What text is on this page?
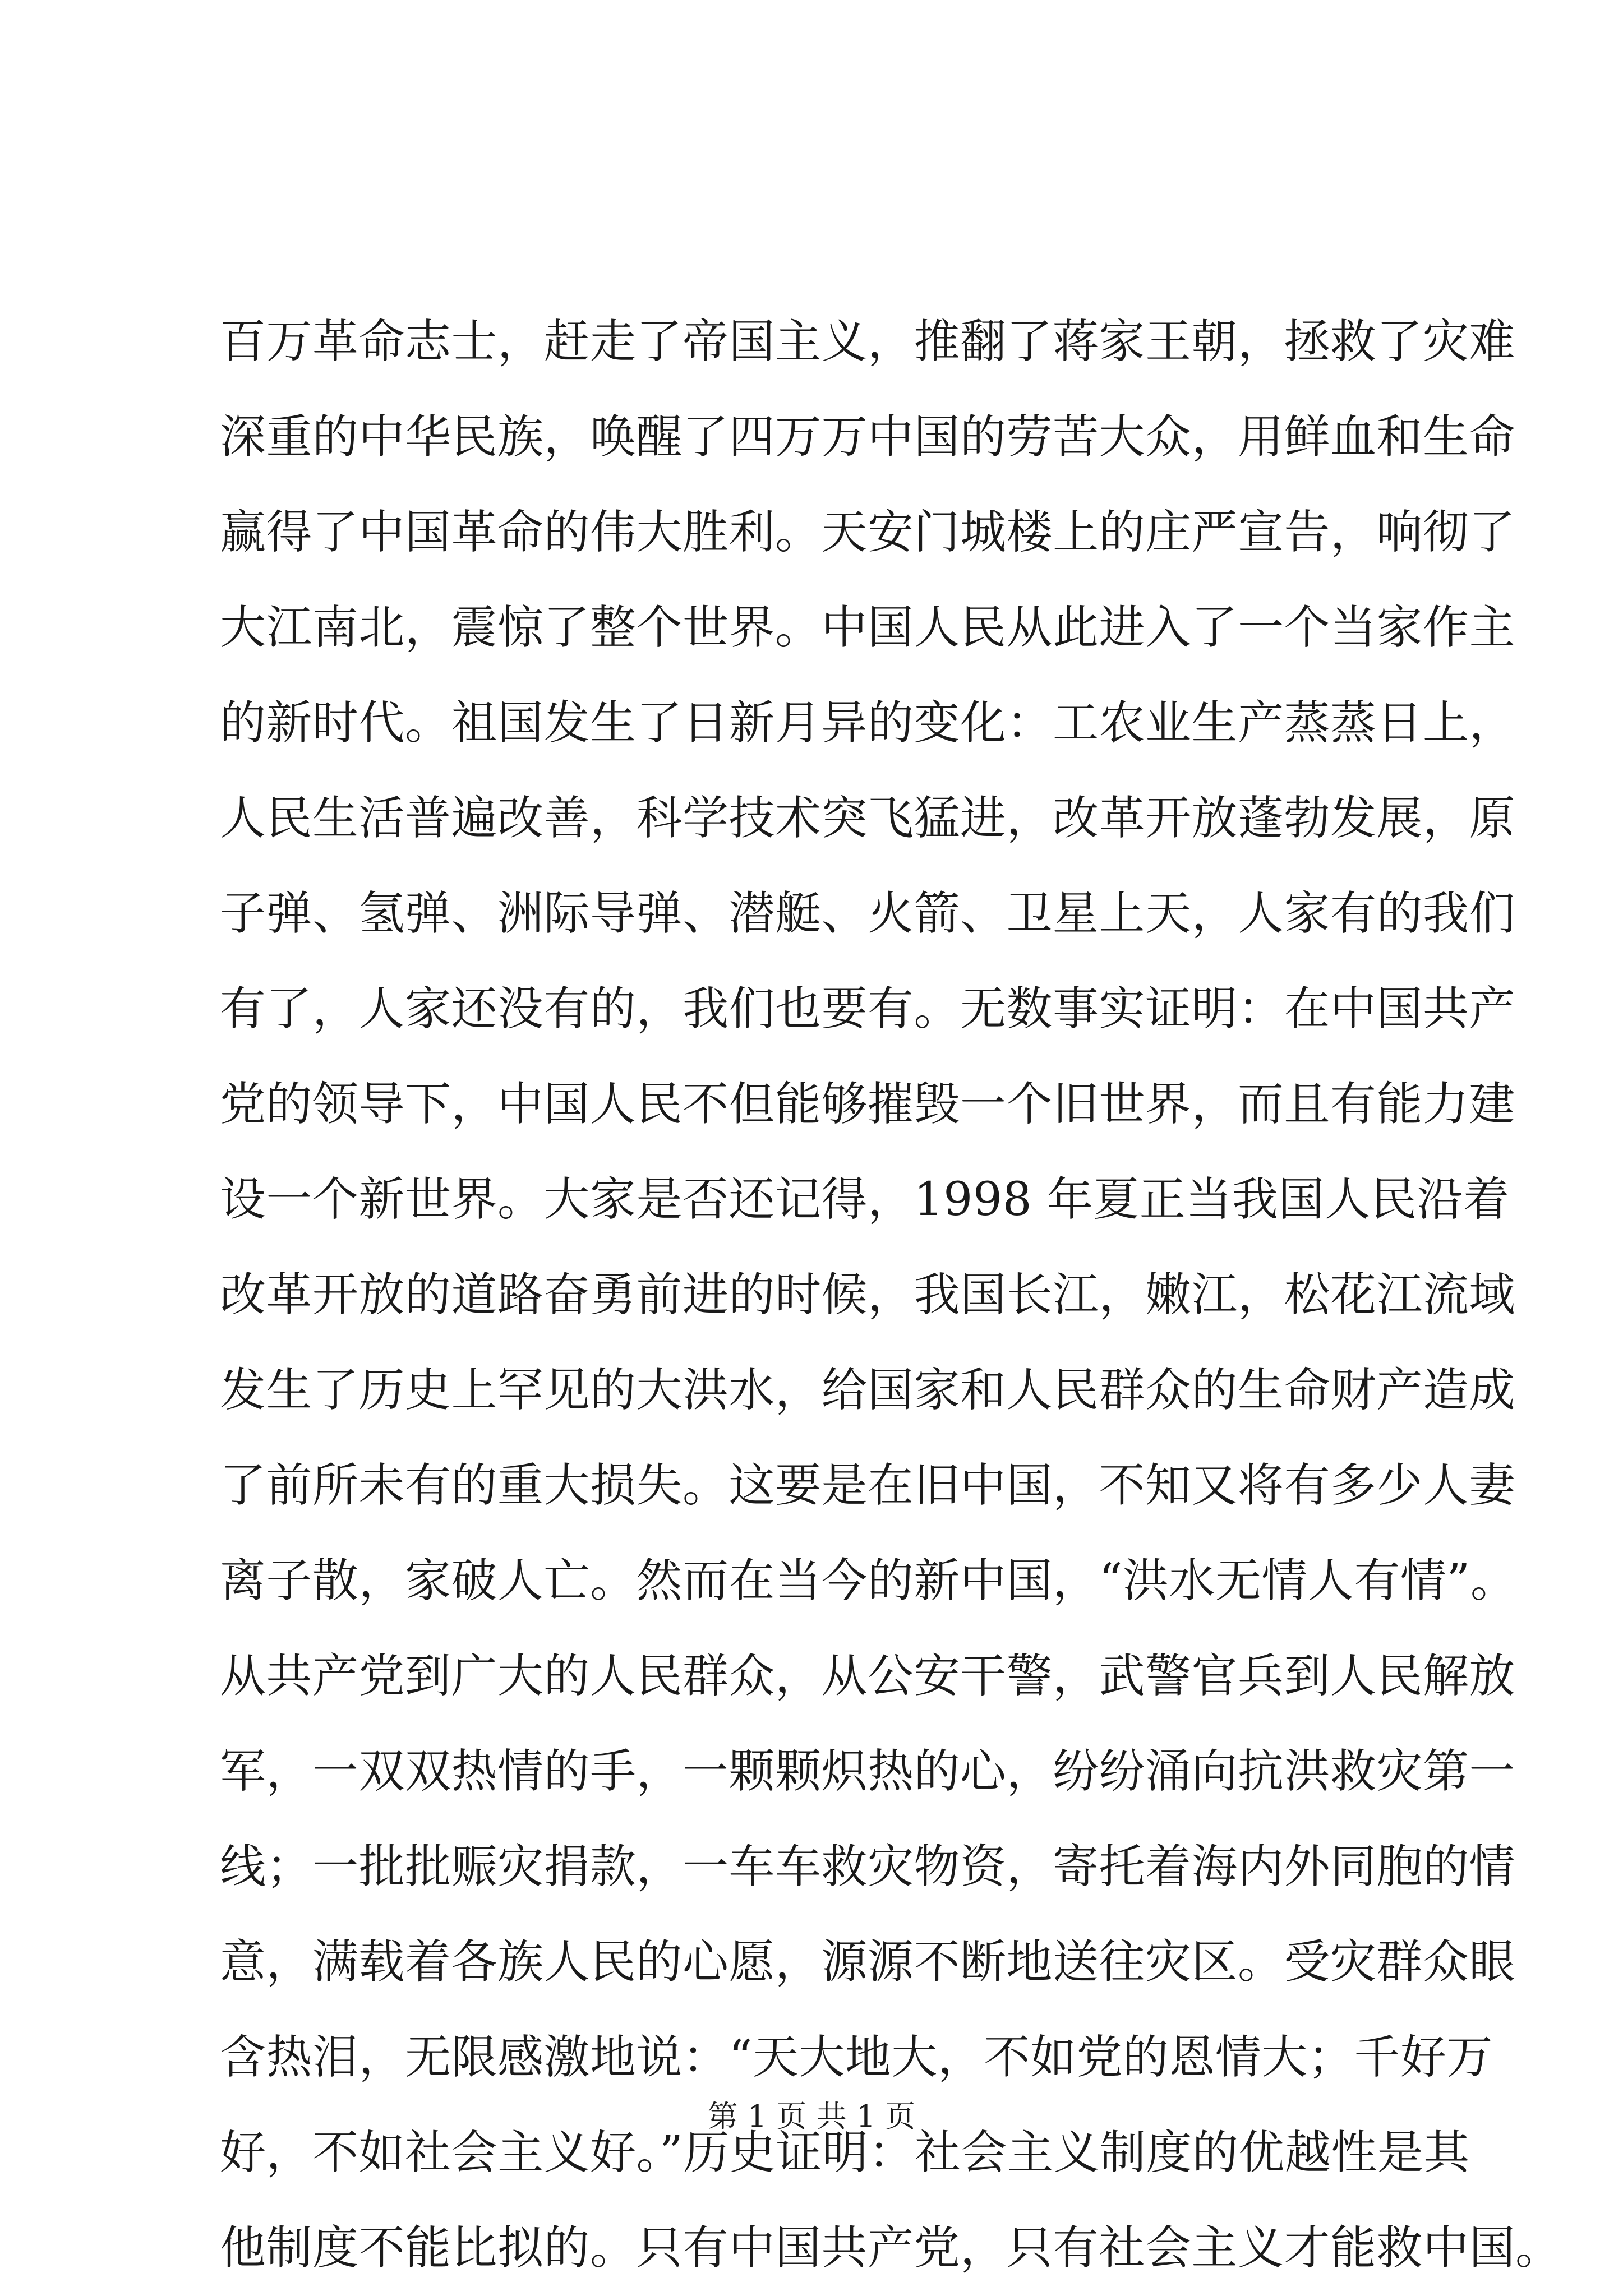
百万革命志士，赶走了帝国主义，推翻了蒋家王朝，拯救了灾难
深重的中华民族，唤醒了四万万中国的劳苦大众，用鲜血和生命
赢得了中国革命的伟大胜利。天安门城楼上的庄严宣告，响彻了
大江南北，震惊了整个世界。中国人民从此进入了一个当家作主
的新时代。祖国发生了日新月异的变化：工农业生产蒸蒸日上，
人民生活普遍改善，科学技术突飞猛进，改革开放蓬勃发展，原
子弹、氢弹、洲际导弹、潜艇、火箭、卫星上天，人家有的我们
有了，人家还没有的，我们也要有。无数事实证明：在中国共产
党的领导下，中国人民不但能够摧毁一个旧世界，而且有能力建
设一个新世界。大家是否还记得，1998 年夏正当我国人民沿着
改革开放的道路奋勇前进的时候，我国长江，嫩江，松花江流域
发生了历史上罕见的大洪水，给国家和人民群众的生命财产造成
了前所未有的重大损失。这要是在旧中国，不知又将有多少人妻
离子散，家破人亡。然而在当今的新中国，“洪水无情人有情”。
从共产党到广大的人民群众，从公安干警，武警官兵到人民解放
军，一双双热情的手，一颗颗炽热的心，纷纷涌向抗洪救灾第一
线；一批批赈灾捐款，一车车救灾物资，寄托着海内外同胞的情
意，满载着各族人民的心愿，源源不断地送往灾区。受灾群众眼
含热泪，无限感激地说：“天大地大，不如党的恩情大；千好万
好，不如社会主义好。”历史证明：社会主义制度的优越性是其
他制度不能比拟的。只有中国共产党，只有社会主义才能救中国。
第 1 页 共 1 页
